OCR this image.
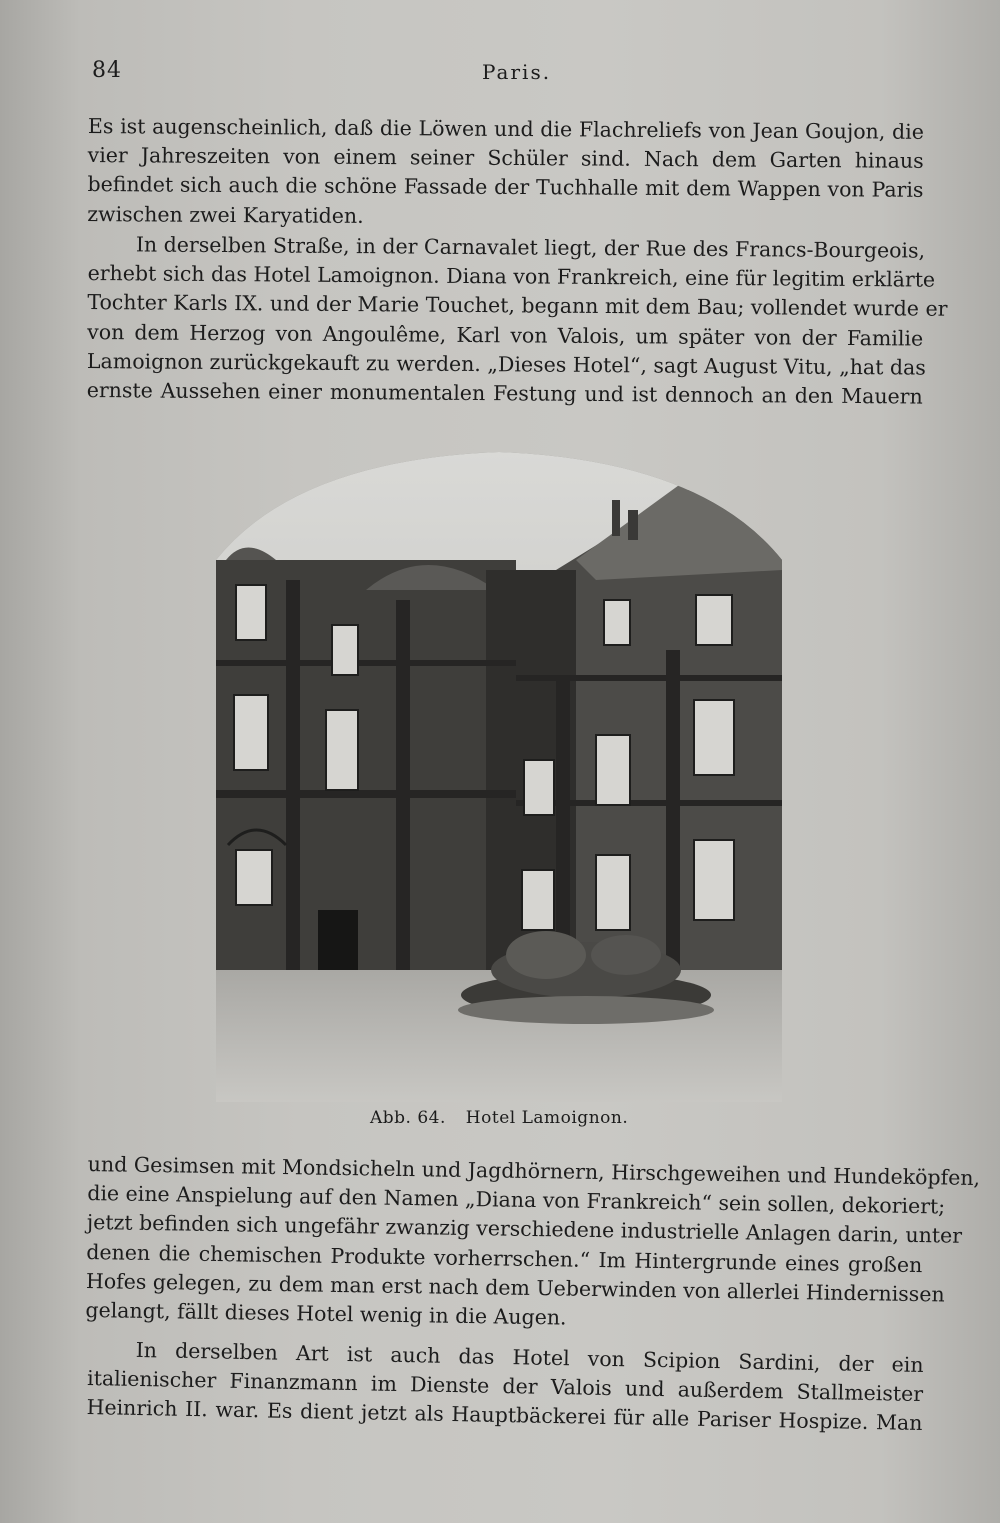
84	Paris.
Es ist augenscheinlich, daß die Löwen und die Flachreliefs von Jean Goujon, die
vier Jahreszeiten von einem seiner Schüler sind. Nach dem Garten hinaus
befindet sich auch die schöne Fassade der Tuchhalle mit dem Wappen von Paris
zwischen zwei Karyatiden.
In derselben Straße, in der Carnavalet liegt, der Rue des Francs-Bourgeois,
erhebt sich das Hotel Lamoignon. Diana von Frankreich, eine für legitim erklärte
Tochter Karls IX. und der Marie Touchet, begann mit dem Bau; vollendet wurde er
von dem Herzog von Angoulême, Karl von Valois, um später von der Familie
Lamoignon zurückgekauft zu werden. „Dieses Hotel“, sagt August Vitu, „hat das
ernste Aussehen einer monumentalen Festung und ist dennoch an den Mauern
Abb. 64. Hotel Lamoignon.
und Gesimsen mit Mondsicheln und Jagdhörnern, Hirschgeweihen und Hundeköpfen,
die eine Anspielung auf den Namen „Diana von Frankreich“ sein sollen, dekoriert;
jetzt befinden sich ungefähr zwanzig verschiedene industrielle Anlagen darin, unter
denen die chemischen Produkte vorherrschen.“ Im Hintergrunde eines großen
Hofes gelegen, zu dem man erst nach dem Ueberwinden von allerlei Hindernissen
gelangt, fällt dieses Hotel wenig in die Augen.
In derselben Art ist auch das Hotel von Scipion Sardini, der ein
italienischer Finanzmann im Dienste der Valois und außerdem Stallmeister
Heinrich II. war. Es dient jetzt als Hauptbäckerei für alle Pariser Hospize. Man
